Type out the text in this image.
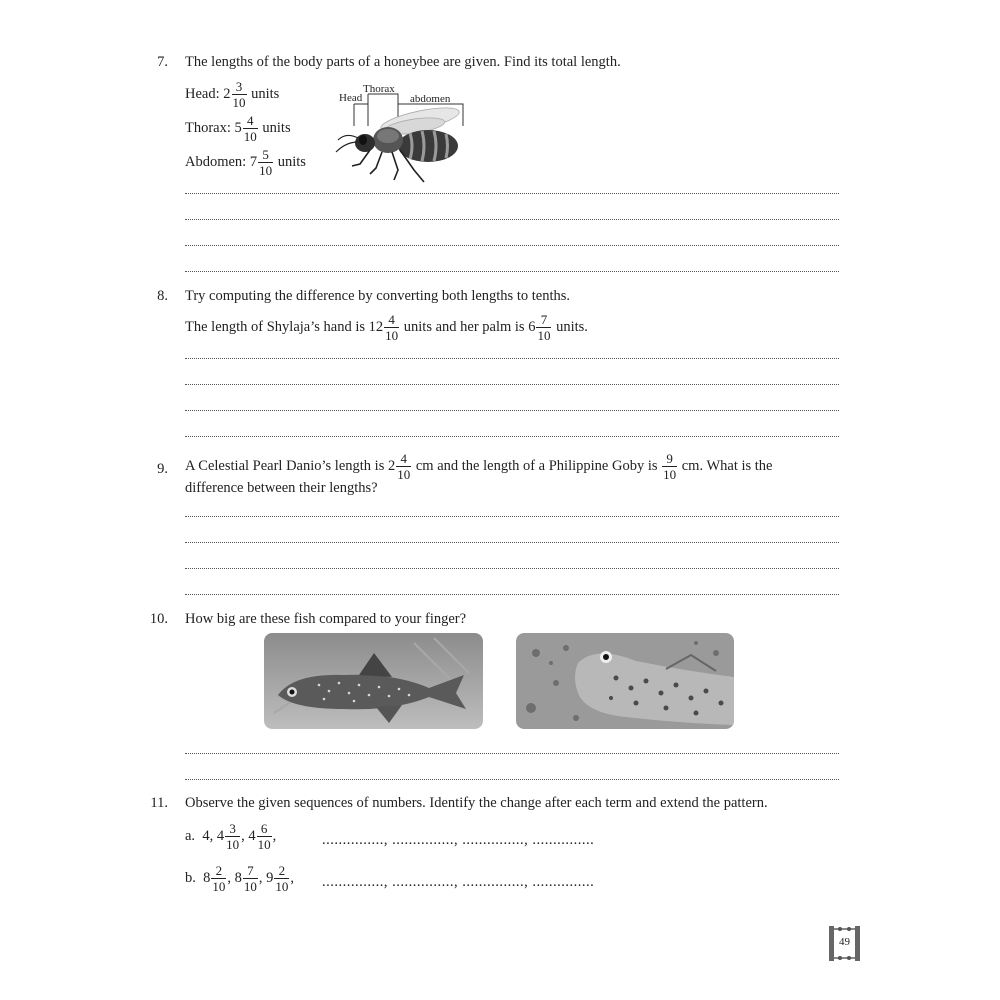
7. The lengths of the body parts of a honeybee are given. Find its total length.
Head: $2 \frac{3}{10}$ units
Thorax: $5 \frac{4}{10}$ units
Abdomen: $7 \frac{5}{10}$ units
Head
Thorax
abdomen
8. Try computing the difference by converting both lengths to tenths.
The length of Shylaja’s hand is $12 \frac{4}{10}$ units and her palm is $6 \frac{7}{10}$ units.
9. A Celestial Pearl Danio’s length is $2 \frac{4}{10}$ cm and the length of a Philippine Goby is $\frac{9}{10}$ cm. What is the
difference between their lengths?
10. How big are these fish compared to your finger?
11. Observe the given sequences of numbers. Identify the change after each term and extend the pattern.
a. 4, $4 \frac{3}{10}$ , $4 \frac{6}{10}$ ,	..............., ..............., ..............., ...............
b. $8 \frac{2}{10}$ , $8 \frac{7}{10}$ , $9 \frac{2}{10}$ , ..............., ..............., ..............., ...............
49
